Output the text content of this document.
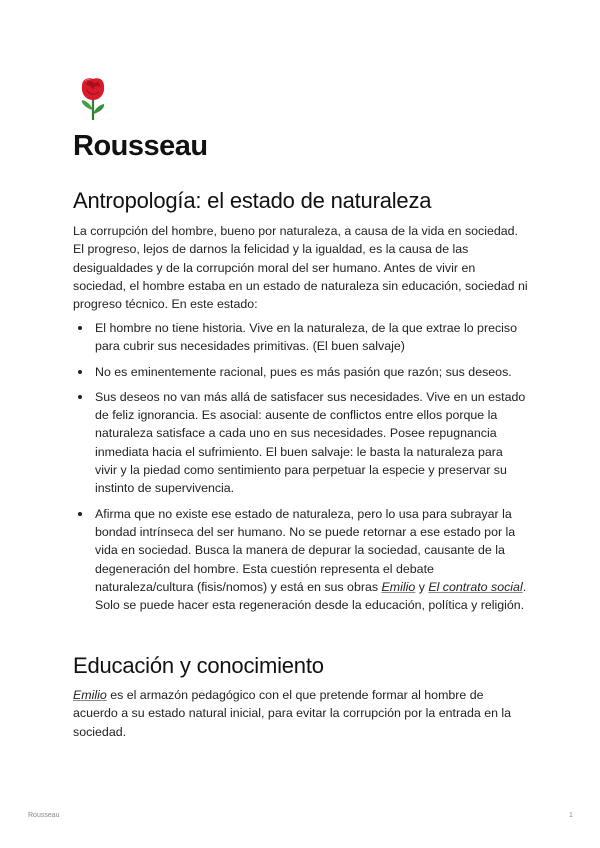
Rousseau
Antropología: el estado de naturaleza

La corrupción del hombre, bueno por naturaleza, a causa de la vida en sociedad. El progreso, lejos de darnos la felicidad y la igualdad, es la causa de las desigualdades y de la corrupción moral del ser humano. Antes de vivir en sociedad, el hombre estaba en un estado de naturaleza sin educación, sociedad ni progreso técnico. En este estado:

El hombre no tiene historia. Vive en la naturaleza, de la que extrae lo preciso para cubrir sus necesidades primitivas. (El buen salvaje)
No es eminentemente racional, pues es más pasión que razón; sus deseos.
Sus deseos no van más allá de satisfacer sus necesidades. Vive en un estado de feliz ignorancia. Es asocial: ausente de conflictos entre ellos porque la naturaleza satisface a cada uno en sus necesidades. Posee repugnancia inmediata hacia el sufrimiento. El buen salvaje: le basta la naturaleza para vivir y la piedad como sentimiento para perpetuar la especie y preservar su instinto de supervivencia.
Afirma que no existe ese estado de naturaleza, pero lo usa para subrayar la bondad intrínseca del ser humano. No se puede retornar a ese estado por la vida en sociedad. Busca la manera de depurar la sociedad, causante de la degeneración del hombre. Esta cuestión representa el debate naturaleza/cultura (fisis/nomos) y está en sus obras Emilio y El contrato social. Solo se puede hacer esta regeneración desde la educación, política y religión.
Educación y conocimiento

Emilio es el armazón pedagógico con el que pretende formar al hombre de acuerdo a su estado natural inicial, para evitar la corrupción por la entrada en la sociedad.

Rousseau	1
